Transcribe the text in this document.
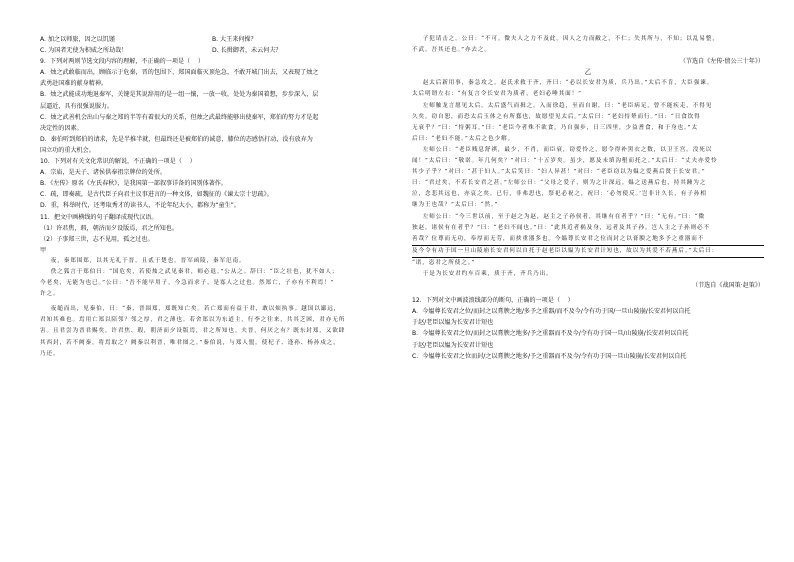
A. 加之以师旅，因之以饥馑	B. 大王来何操？
C. 为国者无使为积威之所劫哉！	D. 长揖御者，未云何夫？
9．下列对两则节选文段内容的理解，不正确的一项是（    ）
A．烛之武敢临而出，顾临示于危秦，晋的包围下，郑国面临灭顶危急，不敢开城门出去，又表现了烛之
武勇赴国难的献身精神。
B．烛之武能成功地退秦军，关键是其说辞用的是一组一攘，一放一收，处处为秦国着想，步步深入，层
层逼近，具有很强说服力。
C．烛之武善机会出山与秦之郑的半等有着很大的关系，但烛之武最终能够出使秦军，郑伯的努力才是起
决定性的因素。
D．秦伯听到郑伯的请求，先是半推半就，但最终还是被郑伯的诚意，膝位的态感悟打动，没有放弃为
国立功的重大机会。
10．下列对有关文化常识的解说，不正确的一项是（    ）
A．宗庙，是天子、诸侯供奉祖宗牌位的处所。
B．《左传》原名《左氏春秋》，是我国第一部叙事详备的国别体著作。
C．疏，即奏疏，是古代臣子向君主议事进言的一种文体，如魏征的《谏太宗十思疏》。
D．重，科举时代，还考取秀才的读书人，不论年纪大小，都称为“童生”。
11．把文中画横线的句子翻译成现代汉语。
（1）许君焦，瑕，朝济而夕设版焉，君之所知也。
（2）子事郑三世，志不见用，孤之过也。
甲
夜，秦郑围郑，以其无礼于晋，且贰于楚也。晋军函陵，秦军氾南。
佚之狐言于郑伯曰：“国危矣，若使烛之武见秦君，师必退。”公从之。辞曰：“臣之壮也，犹不如人；
今老矣，无能为也已。”公曰：“吾不能早用子，今急而求子，是寡人之过也。然郑亡，子亦有不利焉！”
许之。
夜缒而出，见秦伯，曰：“秦、晋围郑，郑既知亡矣。若亡郑而有益于君，敢以烦执事。越国以鄙远，
君知其难也。焉用亡郑以陪邻？邻之厚，君之薄也。若舍郑以为东道主，行李之往来，共其乏困，君亦无所
害。且君尝为晋君赐矣，许君焦、瑕，朝济而夕设版焉，君之所知也。夫晋，何厌之有？既东封郑，又欲肆
其西封，若不阙秦，将焉取之？阙秦以利晋，唯君图之。”秦伯说，与郑人盟。使杞子、逢孙、杨孙戍之，
乃还。
子犯请击之。公曰：“不可。微夫人之力不及此。因人之力而敝之，不仁；失其所与，不知；以乱易整，
不武。吾其还也。”亦去之。
（节选自《左传·僖公三十年》）
乙
赵太后新用事，秦急攻之。赵氏求救于齐，齐曰：“必以长安君为质，兵乃出。”太后不肯，大臣强谏。
太后明谓左右：“有复言令长安君为质者，老妇必唾其面！”
左师触龙言愿见太后。太后盛气而揖之。入而徐趋，至而自谢，曰：“老臣病足，曾不能疾走，不得见
久矣。窃自恕，而恐太后玉体之有所郄也，故愿望见太后。”太后曰：“老妇恃辇而行。”曰：“日食饮得
无衰乎？”曰：“恃粥耳。”曰：“老臣今者殊不欲食，乃自强步，日三四里，少益耆食，和于身也。”太
后曰：“老妇不能。”太后之色少解。
左师公曰：“老臣贱息舒祺，最少，不肖，而臣衰，窃爱怜之，愿令得补黑衣之数，以卫王宫。没死以
闻！”太后曰：“敬诺。年几何矣？”对曰：“十五岁矣。虽少，愿及未填沟壑而托之。”太后曰：“丈夫亦爱怜
其少子乎？”对曰：“甚于妇人。”太后笑曰：“妇人异甚！”对曰：“老臣窃以为媪之爱燕后贤于长安君。”
曰：“君过矣，不若长安君之甚。”左师公曰：“父母之爱子，则为之计深远。媪之送燕后也，持其踵为之
泣，念悲其远也，亦哀之矣。已行，非弗思也，祭祀必祝之，祝曰：‘必勿使反。’岂非计久长，有子孙相
继为王也哉？”太后曰：“然。”
左师公曰：“今三世以前，至于赵之为赵，赵主之子孙侯者，其继有在者乎？”曰：“无有。”曰：“微
独赵，诸侯有在者乎？”曰：“老妇不闻也。”曰：“此其近者祸及身，远者及其子孙。岂人主之子孙则必不
善哉？位尊而无功，奉厚而无劳，而挟重器多也。今媪尊长安君之位而封之以膏腴之地多予之重器而不
及今令有功于国一旦山陵崩长安君何以自托于赵老臣以媪为长安君计短也，故以为其爱不若燕后。”太后曰：
“诺，恣君之所使之。”
于是为长安君约车百乘，质于齐，齐兵乃出。
（节选自《战国策·赵策》）
12．下列对文中画波浪线部分的断句，正确的一项是（    ）
A．今媪尊长安君之位/而封之以膏腴之地/多予之重器/而不及今/令有功于国/一旦山陵崩/长安君何以自托
于赵/老臣以媪为长安君计短也
B．今媪尊长安君之位/而封之以膏腴之地多/予之重器而不及今/令有功于国一旦/山陵崩/长安君何以自托
于赵/老臣以媪为长安君计短也
C．今媪尊长安君之位而封/之以膏腴之地多/予之重器而不及今/令有功于国一旦山陵崩/长安君何以自托
